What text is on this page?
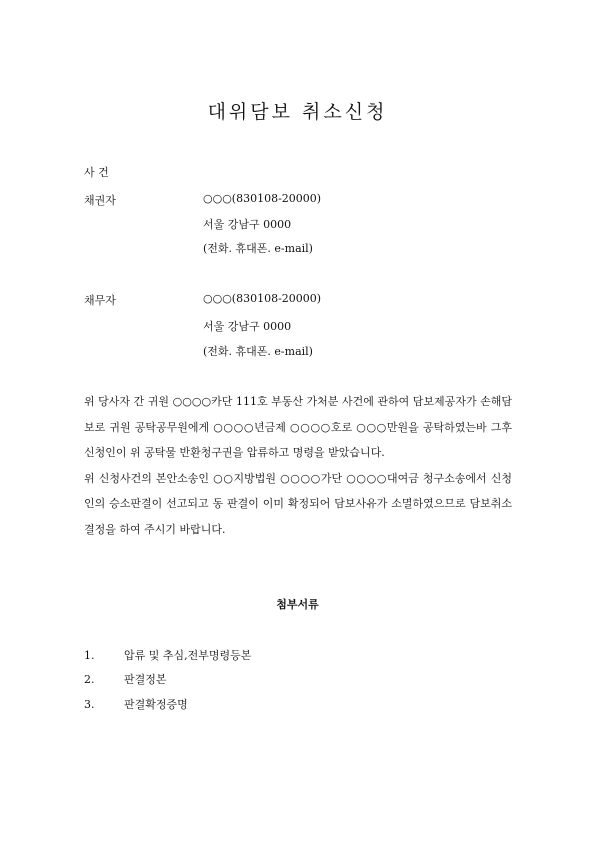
대위담보 취소신청
사 건
채권자	○○○(830108-20000)
서울 강남구 0000
(전화. 휴대폰. e-mail)
채무자	○○○(830108-20000)
서울 강남구 0000
(전화. 휴대폰. e-mail)

위 당사자 간 귀원 ○○○○카단 111호 부동산 가처분 사건에 관하여 담보제공자가 손해담보로 귀원 공탁공무원에게 ○○○○년금제 ○○○○호로 ○○○만원을 공탁하였는바 그후 신청인이 위 공탁물 반환청구권을 압류하고 명령을 받았습니다.

위 신청사건의 본안소송인 ○○지방법원 ○○○○가단 ○○○○대여금 청구소송에서 신청인의 승소판결이 선고되고 동 판결이 이미 확정되어 담보사유가 소멸하였으므로 담보취소 결정을 하여 주시기 바랍니다.

첨부서류
1.	압류 및 추심,전부명령등본
2.	판결정본
3.	판결확정증명
